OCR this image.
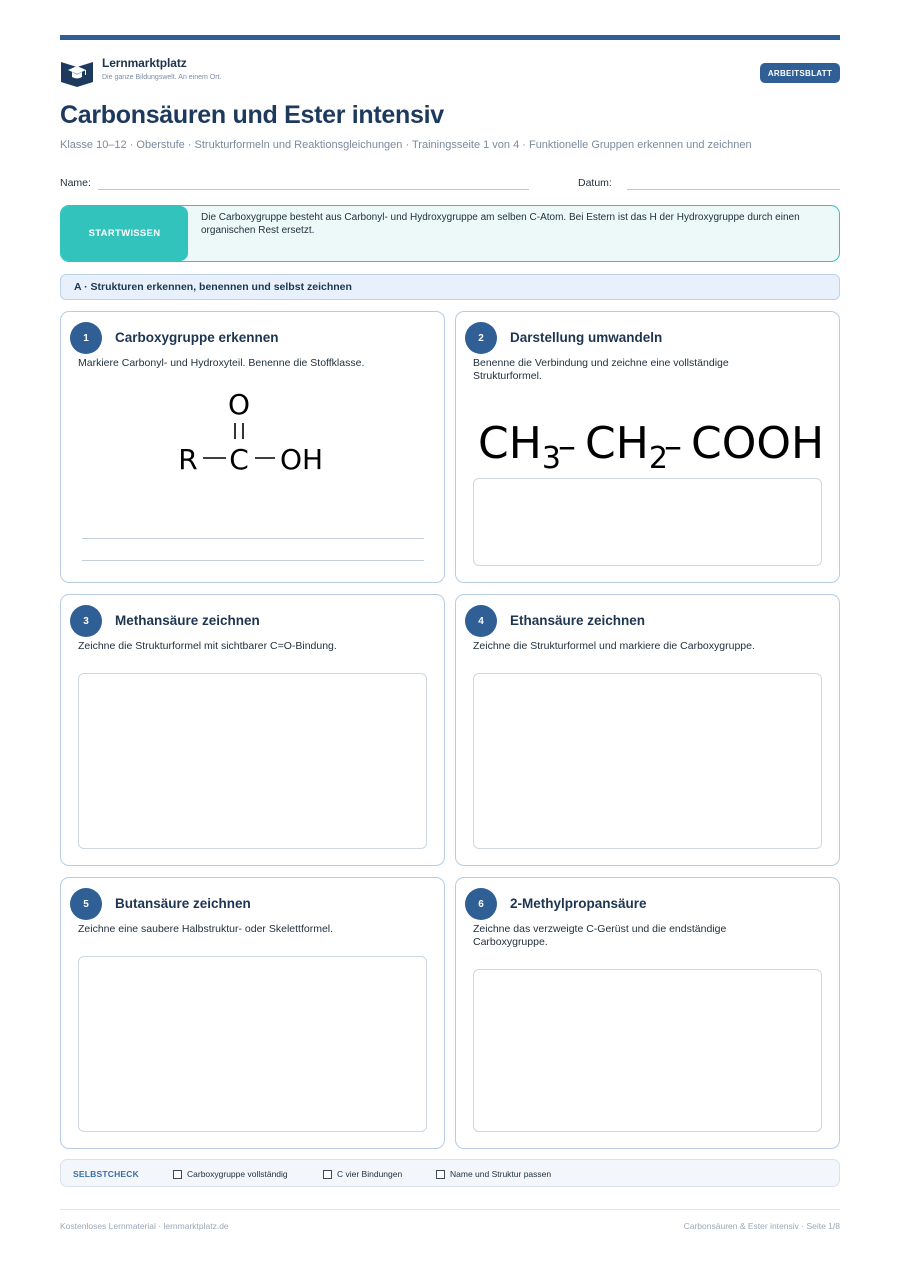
Lernmarktplatz
Die ganze Bildungswelt. An einem Ort.	ARBEITSBLATT
Carbonsäuren und Ester intensiv
Klasse 10–12 · Oberstufe · Strukturformeln und Reaktionsgleichungen · Trainingsseite 1 von 4 · Funktionelle Gruppen erkennen und zeichnen
Name:	Datum:
STARTWISSEN
Die Carboxygruppe besteht aus Carbonyl- und Hydroxygruppe am selben C-Atom. Bei Estern ist das H der Hydroxygruppe durch einen organischen Rest ersetzt.
A · Strukturen erkennen, benennen und selbst zeichnen
1	Carboxygruppe erkennen
Markiere Carbonyl- und Hydroxyteil. Benenne die Stoffklasse.
O
R C OH
2	Darstellung umwandeln
Benenne die Verbindung und zeichne eine vollständige Strukturformel.
$CH_3$
– $CH_2$
– COOH
3	Methansäure zeichnen
Zeichne die Strukturformel mit sichtbarer C=O-Bindung.
4	Ethansäure zeichnen
Zeichne die Strukturformel und markiere die Carboxygruppe.
5	Butansäure zeichnen
Zeichne eine saubere Halbstruktur- oder Skelettformel.
6	2-Methylpropansäure
Zeichne das verzweigte C-Gerüst und die endständige Carboxygruppe.
SELBSTCHECK	Carboxygruppe vollständig	C vier Bindungen	Name und Struktur passen
Kostenloses Lernmaterial · lernmarktplatz.de	Carbonsäuren & Ester intensiv · Seite 1/8
